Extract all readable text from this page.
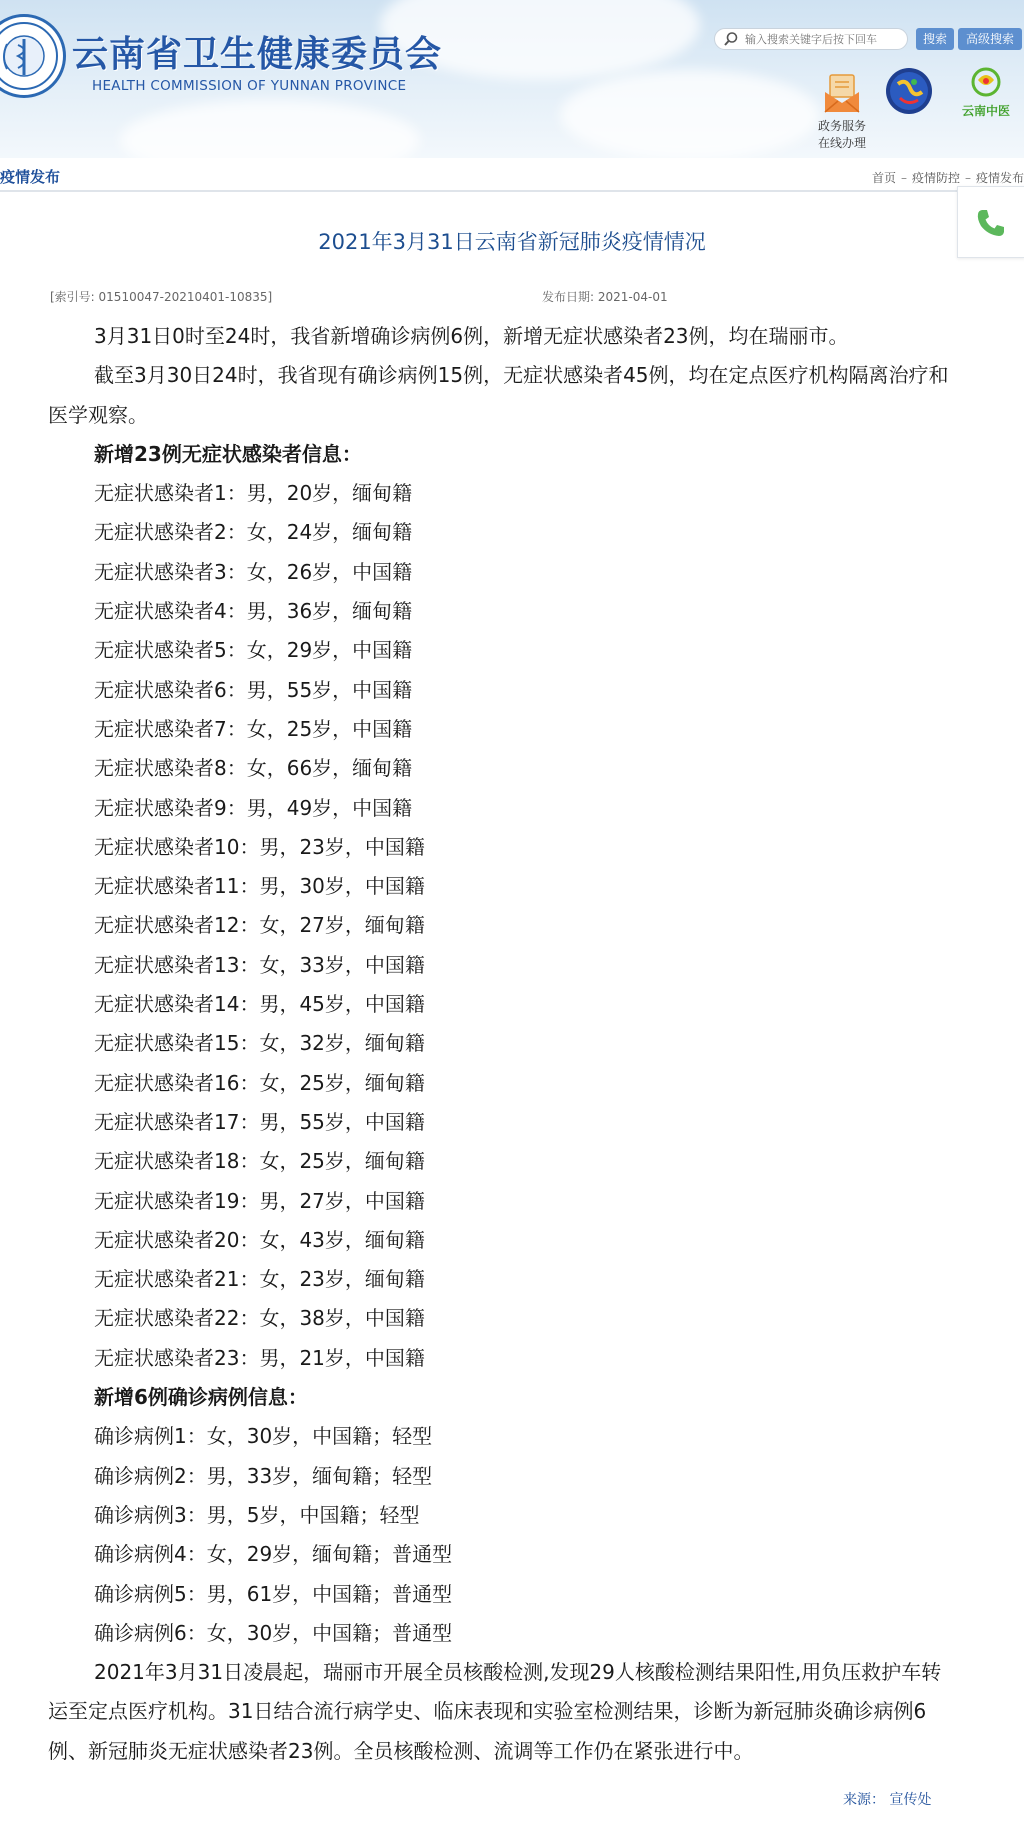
云南省卫生健康委员会
HEALTH COMMISSION OF YUNNAN PROVINCE
输入搜索关键字后按下回车
搜索	高级搜索
政务服务
在线办理
云南中医
疫情发布	首页 – 疫情防控 – 疫情发布
2021年3月31日云南省新冠肺炎疫情情况
[索引号: 01510047-20210401-10835]	发布日期: 2021-04-01

3月31日0时至24时，我省新增确诊病例6例，新增无症状感染者23例，均在瑞丽市。

截至3月30日24时，我省现有确诊病例15例，无症状感染者45例，均在定点医疗机构隔离治疗和医学观察。

新增23例无症状感染者信息：

无症状感染者1：男，20岁，缅甸籍

无症状感染者2：女，24岁，缅甸籍

无症状感染者3：女，26岁，中国籍

无症状感染者4：男，36岁，缅甸籍

无症状感染者5：女，29岁，中国籍

无症状感染者6：男，55岁，中国籍

无症状感染者7：女，25岁，中国籍

无症状感染者8：女，66岁，缅甸籍

无症状感染者9：男，49岁，中国籍

无症状感染者10：男，23岁，中国籍

无症状感染者11：男，30岁，中国籍

无症状感染者12：女，27岁，缅甸籍

无症状感染者13：女，33岁，中国籍

无症状感染者14：男，45岁，中国籍

无症状感染者15：女，32岁，缅甸籍

无症状感染者16：女，25岁，缅甸籍

无症状感染者17：男，55岁，中国籍

无症状感染者18：女，25岁，缅甸籍

无症状感染者19：男，27岁，中国籍

无症状感染者20：女，43岁，缅甸籍

无症状感染者21：女，23岁，缅甸籍

无症状感染者22：女，38岁，中国籍

无症状感染者23：男，21岁，中国籍

新增6例确诊病例信息：

确诊病例1：女，30岁，中国籍；轻型

确诊病例2：男，33岁，缅甸籍；轻型

确诊病例3：男，5岁，中国籍；轻型

确诊病例4：女，29岁，缅甸籍；普通型

确诊病例5：男，61岁，中国籍；普通型

确诊病例6：女，30岁，中国籍；普通型

2021年3月31日凌晨起，瑞丽市开展全员核酸检测,发现29人核酸检测结果阳性,用负压救护车转运至定点医疗机构。31日结合流行病学史、临床表现和实验室检测结果，诊断为新冠肺炎确诊病例6例、新冠肺炎无症状感染者23例。全员核酸检测、流调等工作仍在紧张进行中。

来源： 宣传处
